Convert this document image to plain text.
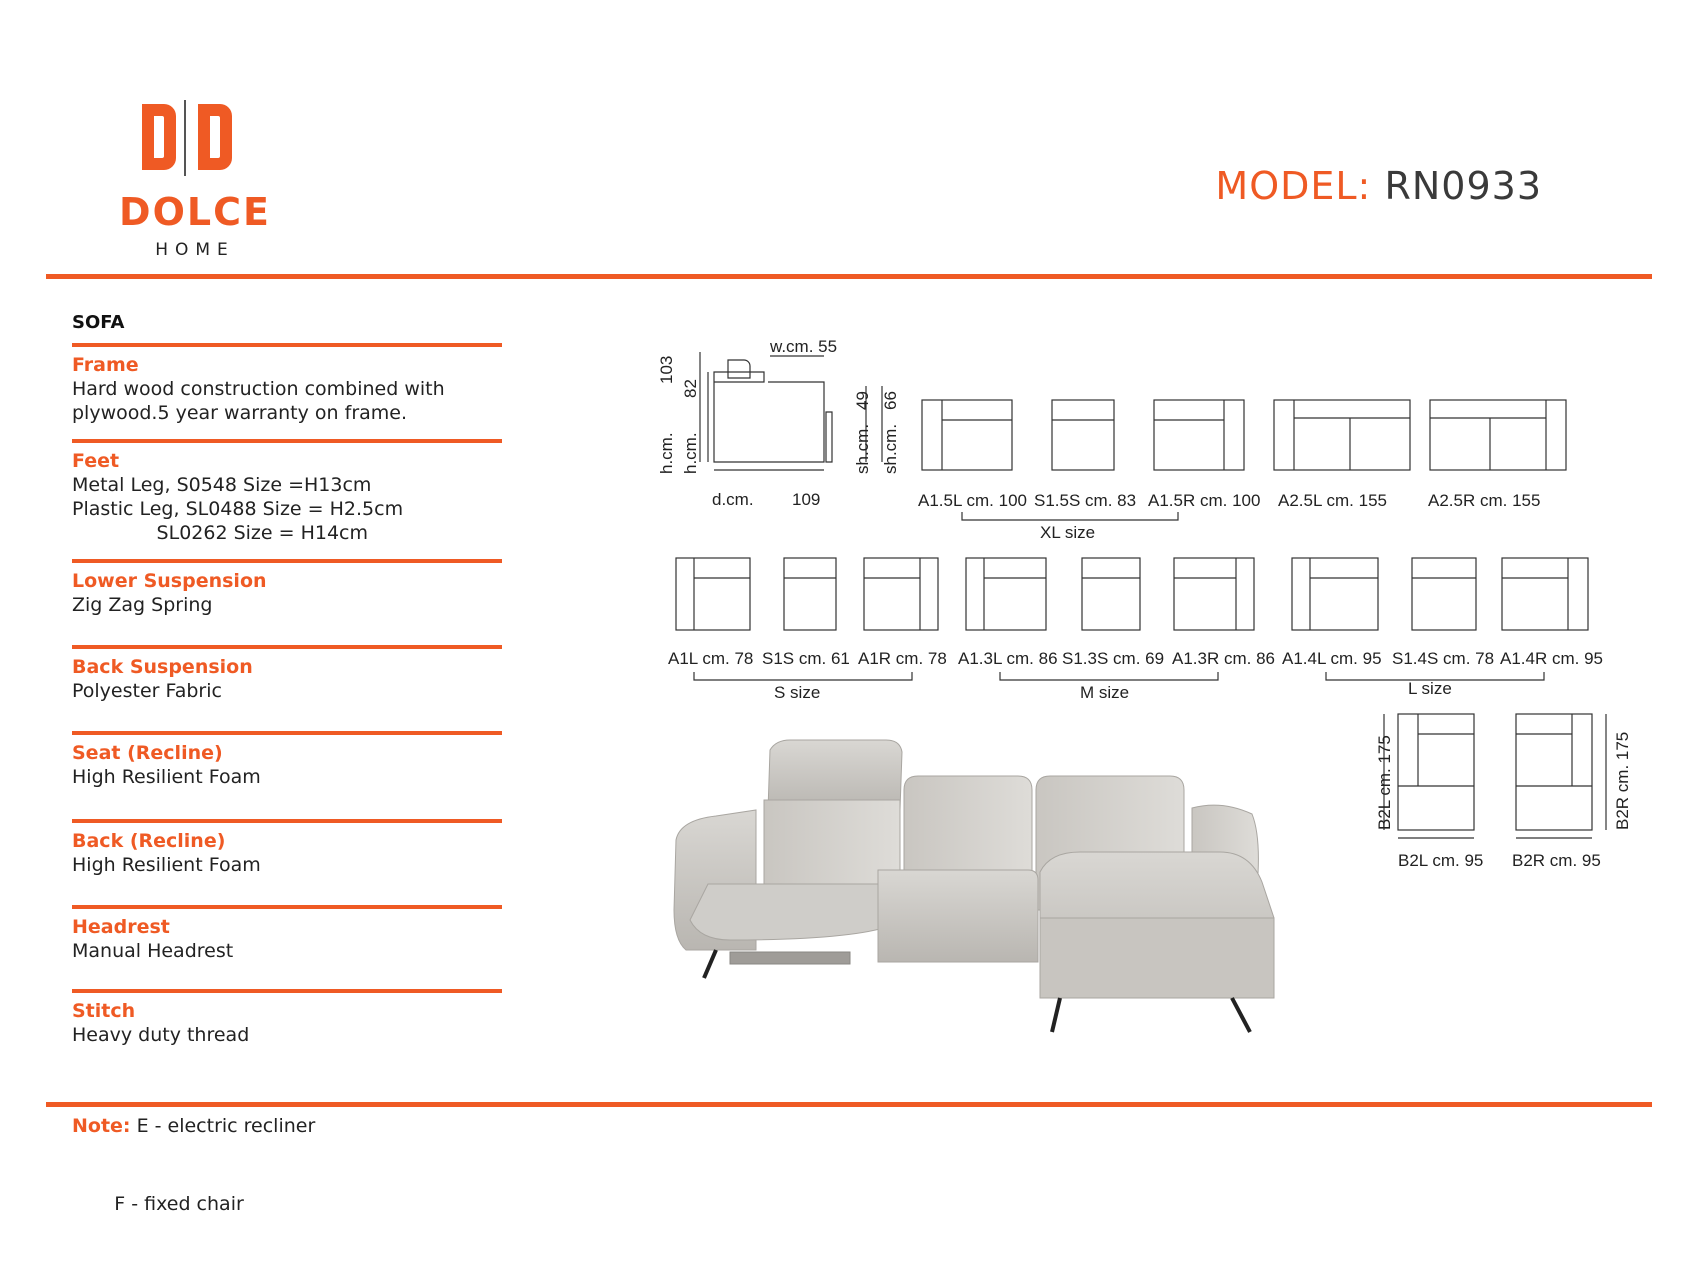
DOLCE
HOME
MODEL: RN0933
SOFA
Frame
Hard wood construction combined with
plywood.5 year warranty on frame.
Feet
Metal Leg, S0548 Size =H13cm
Plastic Leg, SL0488 Size = H2.5cm
SL0262 Size = H14cm
Lower Suspension
Zig Zag Spring
Back Suspension
Polyester Fabric
Seat (Recline)
High Resilient Foam
Back (Recline)
High Resilient Foam
Headrest
Manual Headrest
Stitch
Heavy duty thread

Note: E - electric recliner

F - fixed chair

w.cm. 55
d.cm. 109
h.cm.
103
h.cm.
82
sh.cm.
49
sh.cm.
66
A1.5L cm. 100 S1.5S cm. 83 A1.5R cm. 100 A2.5L cm. 155 A2.5R cm. 155
XL size
A1L cm. 78 S1S cm. 61 A1R cm. 78
S size
A1.3L cm. 86 S1.3S cm. 69 A1.3R cm. 86
M size
A1.4L cm. 95 S1.4S cm. 78 A1.4R cm. 95
L size
B2L cm. 175	B2R cm. 175
B2L cm. 95 B2R cm. 95
